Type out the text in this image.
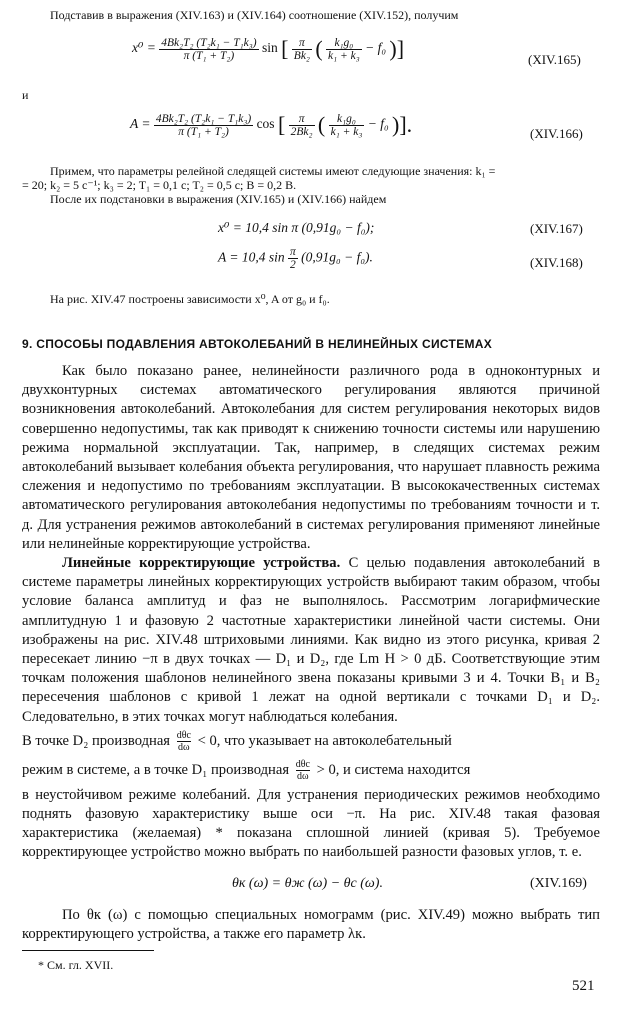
Подставив в выражения (XIV.163) и (XIV.164) соотношение (XIV.152), получим
$x^0 = \frac{\text{4Bk₂T₂ (T₂k₁ − T₁k₃)}}{\text{π (T₁ + T₂)}}$ sin [ $\frac{\pi}{\text{Bk₂}}$ ( $\frac{\text{k₁g₀}}{\text{k₁ + k₃}} - f_0$ )]	(XIV.165)
и
$A = \frac{\text{4Bk₂T₂ (T₂k₁ − T₁k₃)}}{\text{π (T₁ + T₂)}}$ cos [ $\frac{\pi}{\text{2Bk₂}}$ ( $\frac{\text{k₁g₀}}{\text{k₁ + k₃}} - f_0$ )].	(XIV.166)
Примем, что параметры релейной следящей системы имеют следующие значения: k₁ =
= 20; k₂ = 5 c⁻¹; k₃ = 2; T₁ = 0,1 c; T₂ = 0,5 c; B = 0,2 B.
После их подстановки в выражения (XIV.165) и (XIV.166) найдем
x⁰ = 10,4 sin π (0,91g₀ − f₀);	(XIV.167)
A = 10,4 $\sin \frac{\pi}{2} (0,91g_0 - f_0)$.	(XIV.168)
На рис. XIV.47 построены зависимости x⁰, A от g₀ и f₀.
9. СПОСОБЫ ПОДАВЛЕНИЯ АВТОКОЛЕБАНИЙ В НЕЛИНЕЙНЫХ СИСТЕМАХ

Как было показано ранее, нелинейности различного рода в одноконтурных и двухконтурных системах автоматического регулирования являются причиной возникновения автоколебаний. Автоколебания для систем регулирования некоторых видов совершенно недопустимы, так как приводят к снижению точности системы или нарушению режима нормальной эксплуатации. Так, например, в следящих системах режим автоколебаний вызывает колебания объекта регулирования, что нарушает плавность режима слежения и недопустимо по требованиям эксплуатации. В высококачественных системах автоматического регулирования автоколебания недопустимы по требованиям точности и т. д. Для устранения режимов автоколебаний в системах регулирования применяют линейные или нелинейные корректирующие устройства.

Линейные корректирующие устройства. С целью подавления автоколебаний в системе параметры линейных корректирующих устройств выбирают таким образом, чтобы условие баланса амплитуд и фаз не выполнялось. Рассмотрим логарифмические амплитудную 1 и фазовую 2 частотные характеристики линейной части системы. Они изображены на рис. XIV.48 штриховыми линиями. Как видно из этого рисунка, кривая 2 пересекает линию −π в двух точках — D₁ и D₂, где Lm H > 0 дБ. Соответствующие этим точкам положения шаблонов нелинейного звена показаны кривыми 3 и 4. Точки B₁ и B₂ пересечения шаблонов с кривой 1 лежат на одной вертикали с точками D₁ и D₂. Следовательно, в этих точках могут наблюдаться колебания.

В точке D₂ производная $\frac{\text{dθc}}{d\omega} < 0$, что указывает на автоколебательный

режим в системе, а в точке D₁ производная $\frac{\text{dθc}}{d\omega} > 0$, и система находится

в неустойчивом режиме колебаний. Для устранения периодических режимов необходимо поднять фазовую характеристику выше оси −π. На рис. XIV.48 такая фазовая характеристика (желаемая) * показана сплошной линией (кривая 5). Требуемое корректирующее устройство можно выбрать по наибольшей разности фазовых углов, т. е.

θк (ω) = θж (ω) − θc (ω).	(XIV.169)

По θк (ω) с помощью специальных номограмм (рис. XIV.49) можно выбрать тип корректирующего устройства, а также его параметр λк.

* См. гл. XVII.
521
